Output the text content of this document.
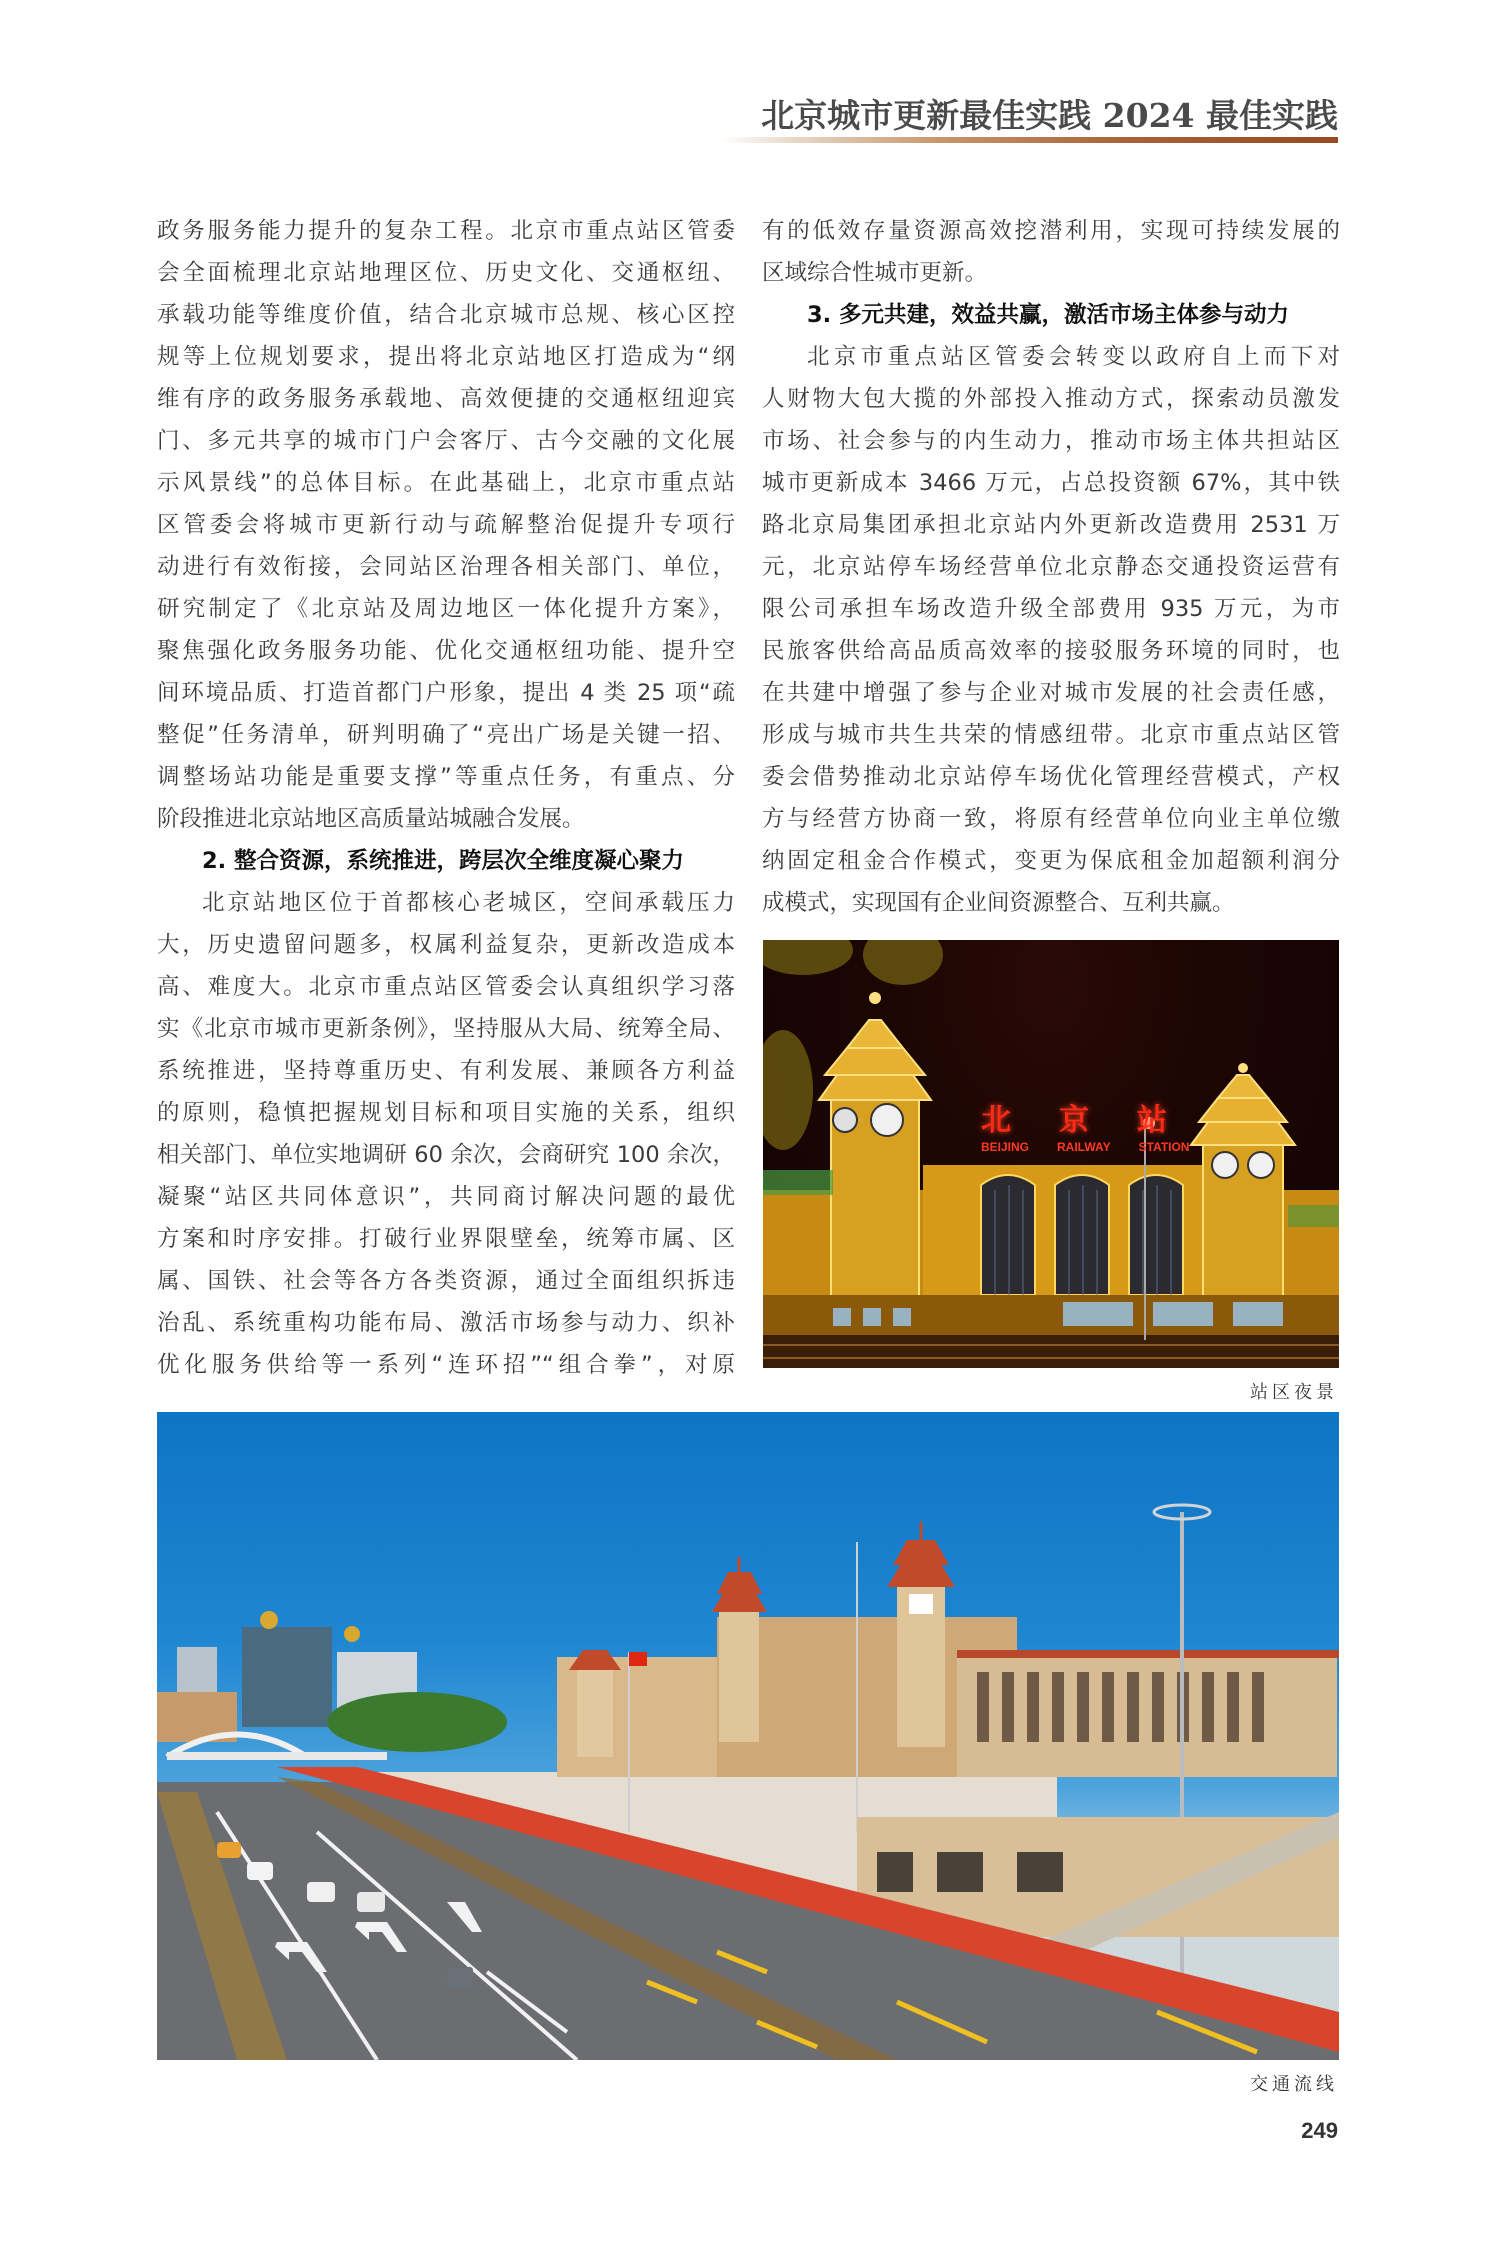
北京城市更新最佳实践 2024 最佳实践

政务服务能力提升的复杂工程。北京市重点站区管委

会全面梳理北京站地理区位、历史文化、交通枢纽、

承载功能等维度价值，结合北京城市总规、核心区控

规等上位规划要求，提出将北京站地区打造成为“纲

维有序的政务服务承载地、高效便捷的交通枢纽迎宾

门、多元共享的城市门户会客厅、古今交融的文化展

示风景线”的总体目标。在此基础上，北京市重点站

区管委会将城市更新行动与疏解整治促提升专项行

动进行有效衔接，会同站区治理各相关部门、单位，

研究制定了《北京站及周边地区一体化提升方案》，

聚焦强化政务服务功能、优化交通枢纽功能、提升空

间环境品质、打造首都门户形象，提出 4 类 25 项“疏

整促”任务清单，研判明确了“亮出广场是关键一招、

调整场站功能是重要支撑”等重点任务，有重点、分

阶段推进北京站地区高质量站城融合发展。

2. 整合资源，系统推进，跨层次全维度凝心聚力

北京站地区位于首都核心老城区，空间承载压力

大，历史遗留问题多，权属利益复杂，更新改造成本

高、难度大。北京市重点站区管委会认真组织学习落

实《北京市城市更新条例》，坚持服从大局、统筹全局、

系统推进，坚持尊重历史、有利发展、兼顾各方利益

的原则，稳慎把握规划目标和项目实施的关系，组织

相关部门、单位实地调研 60 余次，会商研究 100 余次，

凝聚“站区共同体意识”，共同商讨解决问题的最优

方案和时序安排。打破行业界限壁垒，统筹市属、区

属、国铁、社会等各方各类资源，通过全面组织拆违

治乱、系统重构功能布局、激活市场参与动力、织补

优化服务供给等一系列“连环招”“组合拳”，对原

有的低效存量资源高效挖潜利用，实现可持续发展的

区域综合性城市更新。

3. 多元共建，效益共赢，激活市场主体参与动力

北京市重点站区管委会转变以政府自上而下对

人财物大包大揽的外部投入推动方式，探索动员激发

市场、社会参与的内生动力，推动市场主体共担站区

城市更新成本 3466 万元，占总投资额 67%，其中铁

路北京局集团承担北京站内外更新改造费用 2531 万

元，北京站停车场经营单位北京静态交通投资运营有

限公司承担车场改造升级全部费用 935 万元，为市

民旅客供给高品质高效率的接驳服务环境的同时，也

在共建中增强了参与企业对城市发展的社会责任感，

形成与城市共生共荣的情感纽带。北京市重点站区管

委会借势推动北京站停车场优化管理经营模式，产权

方与经营方协商一致，将原有经营单位向业主单位缴

纳固定租金合作模式，变更为保底租金加超额利润分

成模式，实现国有企业间资源整合、互利共赢。

北 京 站
BEIJING RAILWAY STATION
站区夜景
交通流线
249
